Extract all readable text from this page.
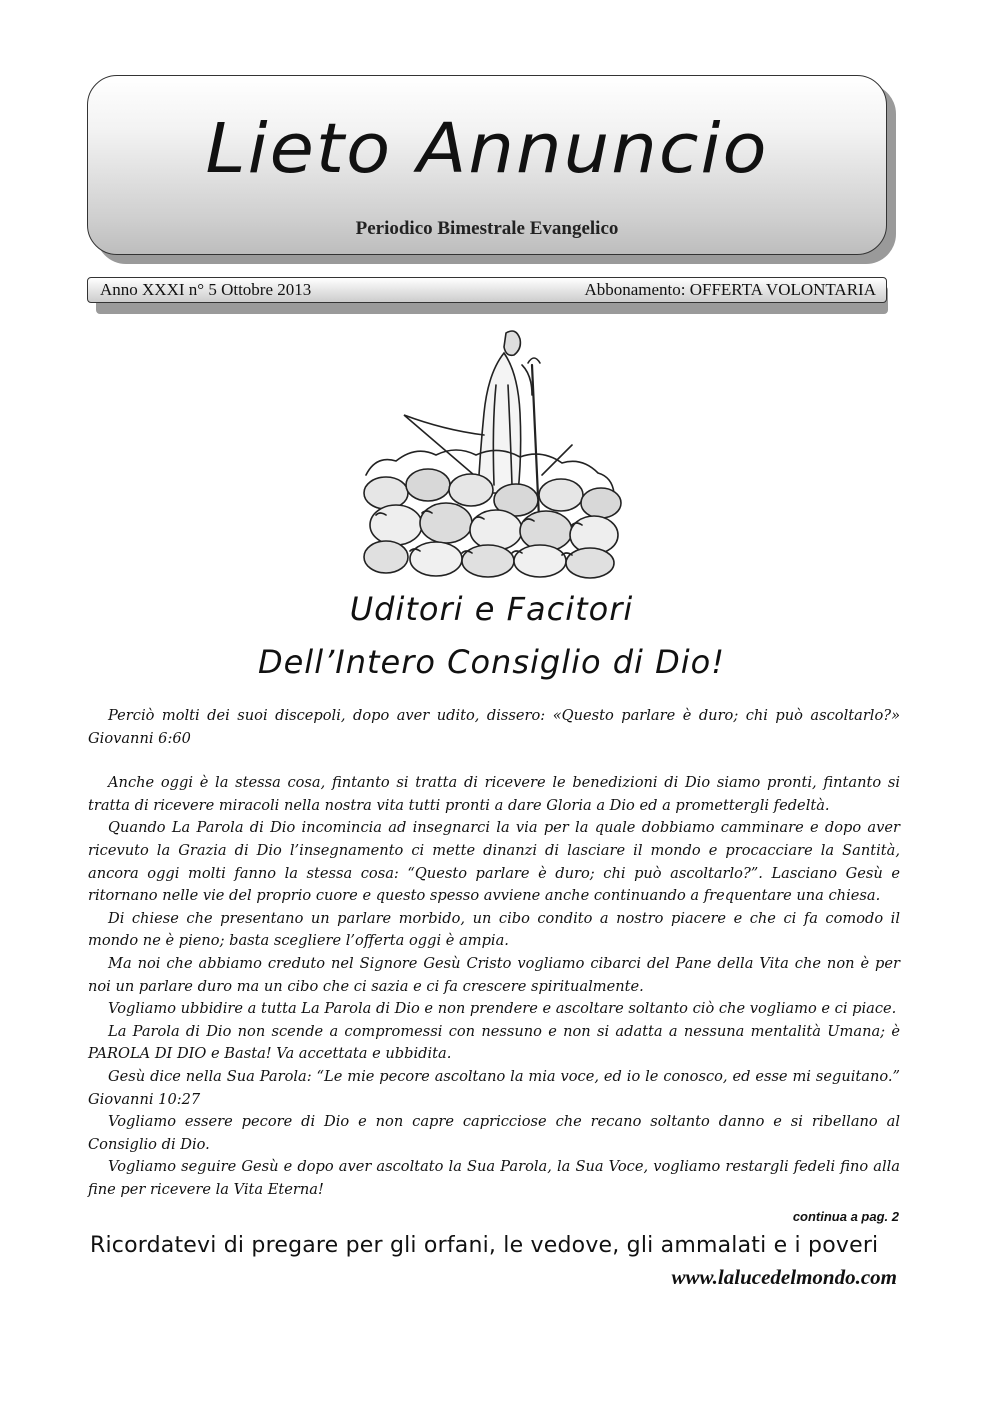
Lieto Annuncio
Periodico Bimestrale Evangelico
Anno XXXI n° 5 Ottobre 2013	Abbonamento: OFFERTA VOLONTARIA
Uditori e Facitori
Dell’Intero Consiglio di Dio!

Perciò molti dei suoi discepoli, dopo aver udito, dissero: «Questo parlare è duro; chi può ascoltarlo?» Giovanni 6:60

Anche oggi è la stessa cosa, fintanto si tratta di ricevere le benedizioni di Dio siamo pronti, fintanto si tratta di ricevere miracoli nella nostra vita tutti pronti a dare Gloria a Dio ed a promettergli fedeltà.

Quando La Parola di Dio incomincia ad insegnarci la via per la quale dobbiamo camminare e dopo aver ricevuto la Grazia di Dio l’insegnamento ci mette dinanzi di lasciare il mondo e procacciare la Santità, ancora oggi molti fanno la stessa cosa: “Questo parlare è duro; chi può ascoltarlo?”. Lasciano Gesù e ritornano nelle vie del proprio cuore e questo spesso avviene anche continuando a frequentare una chiesa.

Di chiese che presentano un parlare morbido, un cibo condito a nostro piacere e che ci fa comodo il mondo ne è pieno; basta scegliere l’offerta oggi è ampia.

Ma noi che abbiamo creduto nel Signore Gesù Cristo vogliamo cibarci del Pane della Vita che non è per noi un parlare duro ma un cibo che ci sazia e ci fa crescere spiritualmente.

Vogliamo ubbidire a tutta La Parola di Dio e non prendere e ascoltare soltanto ciò che vogliamo e ci piace.

La Parola di Dio non scende a compromessi con nessuno e non si adatta a nessuna mentalità Umana; è PAROLA DI DIO e Basta! Va accettata e ubbidita.

Gesù dice nella Sua Parola: “Le mie pecore ascoltano la mia voce, ed io le conosco, ed esse mi seguitano.” Giovanni 10:27

Vogliamo essere pecore di Dio e non capre capricciose che recano soltanto danno e si ribellano al Consiglio di Dio.

Vogliamo seguire Gesù e dopo aver ascoltato la Sua Parola, la Sua Voce, vogliamo restargli fedeli fino alla fine per ricevere la Vita Eterna!

continua a pag. 2
Ricordatevi di pregare per gli orfani, le vedove, gli ammalati e i poveri
www.lalucedelmondo.com
